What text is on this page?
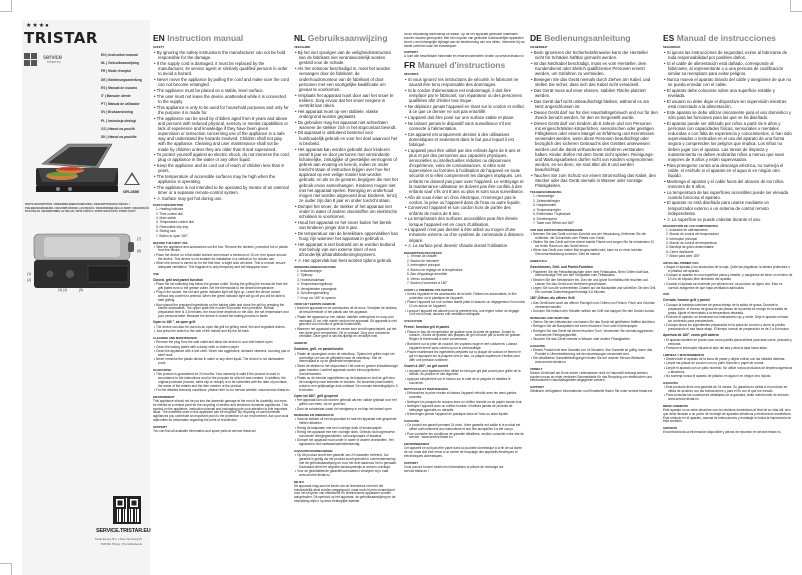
★★★●
TRISTAR
service
tristar.eu
EN | Instruction manual
NL | Gebruiksaanwijzing
FR | Mode d'emploi
DE | Bedienungsanleitung
ES | Manual de usuario
IT | Manuale utente
PT | Manual de utilizador
SV | Bruksanvisning
PL | Instrukcja obsługi
CS | Návod na použití
SK | Návod na použitie
GR-2850
PARTS DESCRIPTION / ONDERDELENBESCHRIJVING / DESCRIPTION DES PIÈCES / TEILEBESCHREIBUNG / DESCRIPCIÓN DE LAS PIEZAS / DESCRIZIONE DELLE PARTI / DESCRIÇÃO DAS PEÇAS / BESKRIVNING AV DELAR / OPIS CZĘŚCI / POPIS SOUČÁSTÍ / POPIS ČASTÍ
(7)
(6)
(1)
(2)
(3) (4)	(5)
SERVICE.TRISTAR.EU
Tristar Europe B.V. | Jules Verneweg 87
5015 BH Tilburg | The Netherlands
EN Instruction manual
SAFETY
• By ignoring the safety instructions the manufacturer can not be hold responsible for the damage.
• If the supply cord is damaged, it must be replaced by the manufacturer, its service agent or similarly qualified persons in order to avoid a hazard.
• Never move the appliance by pulling the cord and make sure the cord can not become entangled.
• The appliance must be placed on a stable, level surface.
• The user must not leave the device unattended while it is connected to the supply.
• This appliance is only to be used for household purposes and only for the purpose it is made for.
• The appliance can be used by children aged from 8 years and above and persons with reduced physical, sensory or mental capabilities or lack of experience and knowledge if they have been given supervision or instruction concerning use of the appliance in a safe way and understand the hazards involved. Children shall not play with the appliance. Cleaning and user maintenance shall not be made by children unless they are older than 8 and supervised.
• To protect yourself against an electric shock, do not immerse the cord, plug or appliance in the water or any other liquid.
• Keep the appliance and its cord out of reach of children less than 8 years.
• The temperature of accessible surfaces may be high when the appliance is operating.
• The appliance is not intended to be operated by means of an external timer or a separate remote-control system.
• ⚠ Surface may get hot during use.
PARTS DESCRIPTION
1. Heating indicator
2. Time control dial
3. Main switch
4. Temperature control dial
5. Removable drip tray
6. Sliding lock
7. Button to open 180°
BEFORE THE FIRST USE
• Take the appliance and accessories out the box. Remove the stickers, protective foil or plastic from the device.
• Place the device on a flat stable surface and ensure a minimum of 10 cm. free space around the device. This device is not suitable for installation in a cabinet or for outside use.
• When the device is turned on for the first time, a slight odor will arise. This is normal, ensure adequate ventilation. This fragrance is only temporary and will disappear soon.
USE
Closed, grill and panini function
• Place the fat collecting tray below the grease outlet. During the grilling the excess fat from the grill plates runs to the grease outlet. Set the thermostat to the desired temperature.
• Plug in the socket, the red and green indicator light will light up. Leave the device closed without any content to preheat. When the green indicator light will go off you will be able to start grilling.
• Now placed the prepared ingredients on the baking plate and close the grill by pressing the handle downwards. The upper plate tilts in order to provide even pressure. Normal preparation time is 3-8 minutes, the exact time depends on the dish, the set temperature and your personal taste. Because the device is closed the baking process is faster.
Open to 180 °, as open grill
• The device can also be used as an open flat grill for grilling meat, fish and vegetable dishes.
• Just press the switch to the side of the handle and flip the lid back.
CLEANING AND MAINTENANCE
• Remove the plug from the wall outlet and allow the device to cool with halves open.
• Clean the baking plates with a damp cloth or kitchen paper.
• Clean the appliance with a wet cloth. Never use aggressive, abrasive cleaners, scouring pad or steel wool.
• Never immerse the plastic device in water or any other liquid. The device is not dishwasher proof.
GUARANTEE
• This product is guaranteed for 24 months. Your warranty is valid if the product is used in accordance to the instructions and for the purpose for which it was created. In addition, the original purchase (invoice, sales slip or receipt) is to be submitted with the date of purchase, the name of the retailer and the item number of the product.
• For the detailed warranty conditions, please refer to our service website: www.service.tristar.eu
ENVIRONMENT

This appliance should not be put into the domestic garbage at the end of its durability, but must be offered at a central point for the recycling of electric and electronic domestic appliances. This symbol on the appliance, instruction manual and packaging puts your attention to this important issue. The materials used in this appliance can be recycled. By recycling of used domestic appliances you contribute an important push to the protection of our environment. Ask your local authorities for information regarding the point of recollection.

SUPPORT

You can find all available information and spare parts at service.tristar.eu!

NL Gebruiksaanwijzing
VEILIGHEID
• Bij het niet opvolgen van de veiligheidsinstructies kan de fabrikant niet verantwoordelijk worden gesteld voor de schade.
• Als het netsnoer beschadigd is, moet het worden vervangen door de fabrikant, de onderhoudsmonteur van de fabrikant of door personen met een soortgelijke kwalificatie om gevaar te voorkomen.
• Verplaats het apparaat nooit door aan het snoer te trekken. Zorg ervoor dat het snoer nergens in verstrikt kan raken.
• Het apparaat moet op een stabiele, vlakke ondergrond worden geplaatst.
• De gebruiker mag het apparaat niet achterlaten wanneer de stekker zich in het stopcontact bevindt.
• Dit apparaat is uitsluitend bestemd voor huishoudelijk gebruik en voor het doel waarvoor het is bedoeld.
• Het apparaat kan worden gebruikt door kinderen vanaf 8 jaar en door personen met verminderde lichamelijke, zintuiglijke of geestelijke vermogens of gebrek aan ervaring en kennis, indien ze onder toezicht staan of instructies krijgen over hoe het apparaat op een veilige manier kan worden gebruikt, en als ze de gevaren begrijpen die met het gebruik ervan samenhangen. Kinderen mogen niet met het apparaat spelen. Reiniging en onderhoud mogen niet worden uitgevoerd door kinderen, tenzij ze ouder zijn dan 8 jaar en onder toezicht staan.
• Dompel het snoer, de stekker of het apparaat niet onder in water of andere vloeistoffen om elektrische schokken te voorkomen.
• Houd het apparaat en het snoer buiten het bereik van kinderen jonger dan 8 jaar.
• De temperatuur van de bereikbare oppervlakken kan hoog zijn wanneer het apparaat in gebruik is.
• Het apparaat is niet bedoeld om te worden bediend met behulp van een externe timer of een afzonderlijk afstandsbedieningssysteem.
• ⚠ Het oppervlak kan heet worden tijdens gebruik.
ONDERDELENBESCHRIJVING
1. Indicatielampje
2. Tijdknop
3. Hoofdschakelaar
4. Temperatuurregelknop
5. Verwijderbare opvangbak
6. Schuifvergrendeling
7. Knop om 180° te openen
VOOR HET EERSTE GEBRUIK
• Haal het apparaat en de accessoires uit de doos. Verwijder de stickers, de beschermfolie of het plastic van het apparaat.
• Plaats het apparaat op een vlakke, stabiele ondergrond en zorg voor minimaal 10 cm vrije ruimte rondom het apparaat. Dit apparaat is niet geschikt voor inbouw of gebruik buitenshuis.
• Wanneer het apparaat voor de eerste keer wordt ingeschakeld, zal het een lichte geur verspreiden. Dit is normaal. Zorg voor voldoende ventilatie. Deze geur is slechts tijdelijk en verdwijnt snel.
GEBRUIK
Gesloten, grill- en paninifunctie
• Plaats de opvangbak onder de vetuitloop. Tijdens het grillen loopt het overtollige vet van de grillplaten naar de vetuitloop. Stel de thermostaat in op de gewenste temperatuur.
• Steek de stekker in het stopcontact. Het rode en groene indicatielampje gaan branden. Laat het apparaat zonder inhoud gesloten voorverwarmen.
• Plaats nu de bereide ingrediënten op de bakplaat en sluit de grill door de handgreep naar beneden te drukken. De bovenste plaat kantelt, zodat er een gelijkmatige druk ontstaat. De normale bereidingstijd is 3-8 minuten.
Open tot 180°, grill geopend
• Het apparaat kan ook worden gebruikt als een vlakke grilplaat voor het grillen van vlees, vis en groenten.
• Druk de schakelaar naast de handgreep in en klap het deksel open.
REINIGING EN ONDERHOUD
• Haal de stekker uit het stopcontact en laat het apparaat met geopende helften afkoelen.
• Reinig de bakplaten met een vochtige doek of keukenpapier.
• Reinig het apparaat met een vochtige doek. Gebruik nooit agressieve, schurende reinigingsmiddelen, schuursponsjes of staalwol.
• Dompel het apparaat nooit onder in water of andere vloeistoffen. Het apparaat is niet vaatwasmachinebestendig.
GARANTIEVOORWAARDEN
• Op dit product wordt een garantie van 24 maanden verleend. Uw garantie is geldig als het product wordt gebruikt in overeenstemming met de gebruiksaanwijzing en voor het doel waarvoor het is gemaakt. Daarnaast dient het originele aankoopbewijs te worden overlegd.
• Voor de gedetailleerde garantievoorwaarden verwijzen wij u naar www.service.tristar.eu
MILIEU

Dit apparaat mag aan het einde van de levensduur niet met het huishoudelijk afval worden weggegooid, maar moet bij een inzamelpunt voor het recyclen van elektrische en elektronische apparaten worden aangeboden. Dit symbool op het apparaat, de gebruiksaanwijzing en de verpakking wijst u op deze belangrijke kwestie.

na de verpakking afzonderlijk uit elkaar. Op de het apparaat gebruikte materialen kunnen worden gerecycled. Met het recyclen van gebruikte huishoudelijke apparaten levert u een belangrijke bijdrage aan de bescherming van ons milieu. Informeer bij uw lokale overheid naar het inzamelpunt.

SUPPORT

U kunt alle beschikbare informatie en reserveonderdelen vinden op service.tristar.eu!

FR Manuel d'instructions
SÉCURITÉ
• Si vous ignorez les instructions de sécurité, le fabricant ne saurait être tenu responsable des dommages.
• Si le cordon d'alimentation est endommagé, il doit être remplacé par le fabricant, son réparateur ou des personnes qualifiées afin d'éviter tout risque.
• Ne déplacez jamais l'appareil en tirant sur le cordon et veillez à ce que ce dernier ne soit pas entortillé.
• L'appareil doit être posé sur une surface stable et plane.
• Ne laissez jamais le dispositif sans surveillance s'il est connecté à l'alimentation.
• Cet appareil est uniquement destiné à des utilisations domestiques et seulement dans le but pour lequel il est fabriqué.
• L'appareil peut être utilisé par des enfants âgés de 8 ans et plus et par des personnes aux capacités physiques, sensorielles ou intellectuelles réduites ou dépourvues d'expérience, voire de connaissances, si elles sont supervisées ou formées à l'utilisation de l'appareil en toute sécurité et si elles comprennent les dangers impliqués. Les enfants ne doivent pas jouer avec l'appareil. Le nettoyage et la maintenance utilisateur ne doivent pas être confiés à des enfants sauf s'ils ont 8 ans ou plus et sont sous surveillance.
• Afin de vous éviter un choc électrique, n'immergez pas le cordon, la prise ou l'appareil dans de l'eau ou autre liquide.
• Conservez l'appareil et son cordon hors de portée des enfants de moins de 8 ans.
• La température des surfaces accessibles peut être élevée lorsque l'appareil est en cours d'utilisation.
• L'appareil n'est pas destiné à être utilisé au moyen d'une minuterie externe ou d'un système de commande à distance séparé.
• ⚠ La surface peut devenir chaude durant l'utilisation.
DESCRIPTION DES PIÈCES
1. Témoin de chauffe
2. Bouton de minuterie
3. Interrupteur principal
4. Bouton de réglage de la température
5. Bac d'égouttage amovible
6. Verrou coulissant
7. Bouton d'ouverture à 180°
AVANT LA PREMIÈRE UTILISATION
• Sortez l'appareil et les accessoires de la boîte. Retirez les autocollants, le film protecteur ou le plastique de l'appareil.
• Placez l'appareil sur une surface stable plate et assurez un dégagement d'un moins 10 cm autour de l'appareil.
• Lorsque l'appareil est allumé pour la première fois, une légère odeur se dégage. Ceci est normal, assurez une ventilation adéquate.
UTILISATION
Fermé, fonction gril et panini
• Placez le bac de récupération de graisse sous la sortie de graisse. Durant la cuisson, l'excès de graisse des plaques de gril s'écoule par la sortie de graisse. Réglez le thermostat à votre convenance.
• Branchez sur la prise de courant, les voyants rouge et vert s'allument. Laissez l'appareil fermé sans contenu pour le préchauffage.
• Placez maintenant les ingrédients préparés sur la plaque de cuisson et fermez le gril en appuyant sur la poignée vers le bas. La plaque supérieure s'incline pour offrir une pression uniforme.
Ouvert à 180°, un gril ouvert
• L'appareil peut également être utilisé en tant que gril plat ouvert pour griller de la viande, du poisson et des légumes.
• Appuyez simplement sur le bouton sur le côté de la poignée et rabattez le couvercle.
NETTOYAGE ET MAINTENANCE
• Débranchez la prise murale et laissez l'appareil refroidir avec les demi-parties ouvertes.
• Nettoyez les plaques de cuisson avec un chiffon humide ou du papier essuie-tout.
• Nettoyez l'appareil avec un chiffon humide. N'utilisez jamais de produits de nettoyage agressifs ou abrasifs.
• N'immergez jamais l'appareil en plastique dans de l'eau ou autre liquide.
GARANTIE
• Ce produit est garanti pendant 24 mois. Votre garantie est valide si le produit est utilisé conformément aux instructions et aux fins auxquelles il a été conçu.
• Pour connaître les conditions de garantie détaillées, veuillez consulter notre site de service : www.service.tristar.eu
ENVIRONNEMENT

Cet appareil ne doit pas être placé dans la poubelle domestique à la fin de sa durée de vie, mais doit être remis à un centre de recyclage des appareils électriques et électroniques domestiques.

SUPPORT

Vous pouvez trouver toutes les informations et pièces de rechange sur service.tristar.eu !

DE Bedienungsanleitung
SICHERHEIT
• Beim Ignorieren der Sicherheitshinweise kann der Hersteller nicht für Schäden haftbar gemacht werden.
• Ist das Netzkabel beschädigt, muss es vom Hersteller, dem Kundendienst oder ähnlich qualifizierten Personen ersetzt werden, um Gefahren zu vermeiden.
• Bewegen Sie das Gerät niemals durch Ziehen am Kabel, und stellen Sie sicher, dass sich das Kabel nicht verwickelt.
• Das Gerät muss auf einer ebenen, stabilen Fläche platziert werden.
• Das Gerät darf nicht unbeaufsichtigt bleiben, während es am Netz angeschlossen ist.
• Dieses Gerät darf nur für den Haushaltsgebrauch und nur für den Zweck benutzt werden, für den es hergestellt wurde.
• Dieses Gerät darf von Kindern ab 8 Jahren und von Personen mit eingeschränkten körperlichen, sensorischen oder geistigen Fähigkeiten oder einem Mangel an Erfahrung und Kenntnissen verwendet werden, wenn diese Personen beaufsichtigt oder bezüglich des sicheren Gebrauchs des Gerätes unterwiesen werden und die damit verbundenen Gefahren verstanden haben. Kinder dürfen mit dem Gerät nicht spielen. Reinigungs- und Wartungsarbeiten dürfen nicht von Kindern vorgenommen werden, es sei denn, sie sind älter als 8 und werden beaufsichtigt.
• Tauchen Sie zum Schutz vor einem Stromschlag das Kabel, den Stecker oder das Gerät niemals in Wasser oder sonstige Flüssigkeiten.
TEILEBESCHREIBUNG
1. Heizanzeige
2. Zeiteinstellregler
3. Hauptschalter
4. Temperaturregler
5. Entfernbare Tropfschale
6. Schiebesperre
7. Taste zum Öffnen auf 180°
VOR DER ERSTEN INBETRIEBNAHME
• Nehmen Sie das Gerät und das Zubehör aus der Verpackung. Entfernen Sie die Aufkleber, die Schutzfolie oder Plastik vom Gerät.
• Stellen Sie das Gerät auf eine ebene stabile Fläche und sorgen Sie für mindestens 10 cm freien Raum um das Gerät herum.
• Wenn das Gerät zum ersten Mal eingeschaltet wird, kann es zu einer leichten Geruchsentwicklung kommen. Dies ist normal.
GEBRAUCH
Geschlossen, Grill- und Panini-Funktion
• Platzieren Sie die Fettauffangschale unter dem Fettauslass. Beim Grillen läuft das überschüssige Fett von den Grillplatten zum Fettauslass.
• Stecken Sie den Netzstecker ein. Die rote und grüne Kontrollleuchte leuchten auf. Lassen Sie das Gerät zum Vorheizen geschlossen.
• Legen Sie nun die vorbereiteten Zutaten auf die Backplatte und schließen Sie den Grill. Die normale Zubereitungszeit beträgt 3-8 Minuten.
180°-Öffnen, als offener Grill
• Das Gerät kann auch als offener Flachgrill zum Grillen von Fleisch, Fisch und Gemüse verwendet werden.
• Drücken Sie einfach den Schalter seitlich am Griff und klappen Sie den Deckel zurück.
REINIGUNG UND WARTUNG
• Ziehen Sie den Netzstecker und lassen Sie das Gerät mit geöffneten Hälften abkühlen.
• Reinigen Sie die Backplatten mit einem feuchten Tuch oder Küchenpapier.
• Reinigen Sie das Gerät mit einem feuchten Tuch. Verwenden Sie niemals aggressive, scheuernde Reinigungsmittel.
• Tauchen Sie das Gerät niemals in Wasser oder andere Flüssigkeiten.
GARANTIE
• Dieses Produkt hat eine Garantie von 24 Monaten. Ihre Garantie ist gültig, wenn das Produkt in Übereinstimmung mit den Anweisungen verwendet wird.
• Die detaillierten Garantiebedingungen finden Sie auf unserer Service-Webseite: www.service.tristar.eu
UMWELT

Dieses Gerät darf am Ende seiner Lebensdauer nicht im Hausmüll entsorgt werden, sondern muss an einer zentralen Sammelstelle für das Recycling von elektrischen und elektronischen Haushaltsgeräten abgegeben werden.

SUPPORT

Sämtliche verfügbaren Informationen und Ersatzteile finden Sie unter service.tristar.eu!

ES Manual de instrucciones
SEGURIDAD
• Si ignora las instrucciones de seguridad, exime al fabricante de toda responsabilidad por posibles daños.
• Si el cable de alimentación está dañado, corresponde al fabricante, al representante o a una persona de cualificación similar su reemplazo para evitar peligros.
• Nunca mueva el aparato tirando del cable y asegúrese de que no se pueda enredar con el cable.
• El aparato debe colocarse sobre una superficie estable y nivelada.
• El usuario no debe dejar el dispositivo sin supervisión mientras está conectado a la alimentación.
• Este aparato se debe utilizar únicamente para el uso doméstico y sólo para las funciones para las que se ha diseñado.
• El aparato puede ser utilizado por niños a partir de 8 años y personas con capacidades físicas, sensoriales o mentales reducidas o con falta de experiencia y conocimientos, si han sido supervisados o instruidos en el uso del aparato de una forma segura y comprenden los peligros que implica. Los niños no deben jugar con el aparato. Las tareas de limpieza y mantenimiento no deben realizarlas niños a menos que sean mayores de 8 años y estén supervisados.
• Para protegerse contra una descarga eléctrica, no sumerja el cable, el enchufe ni el aparato en el agua ni en ningún otro líquido.
• Mantenga el aparato y el cable fuera del alcance de los niños menores de 8 años.
• La temperatura de las superficies accesibles puede ser elevada cuando funciona el aparato.
• El aparato no está diseñado para usarse mediante un temporizador externo o un sistema de control remoto independiente.
• ⚠ La superficie se puede calentar durante el uso.
DESCRIPCIÓN DE LOS COMPONENTES
1. Indicador de calentamiento
2. Mando de control del temporizador
3. Interruptor principal
4. Mando de control de temperatura
5. Bandeja de goteo desmontable
6. Cierre deslizante
7. Botón para abrir 180°
ANTES DEL PRIMER USO
• Saque el aparato y los accesorios de la caja. Quite las pegatinas, la lámina protectora o el plástico del aparato.
• Coloque el aparato en una superficie plana y estable, y asegúrese de tener un mínimo de 10 cm de espacio libre alrededor del aparato.
• Cuando el aparato se enciende por primera vez, se produce un ligero olor. Esto es normal; asegúrese de que haya ventilación adecuada.
USO
Cerrado, función grill y panini
• Coloque la bandeja colectora de grasa debajo de la salida de grasa. Durante la preparación, el exceso de grasa de las placas de la parrilla se recoge en la salida de grasa. Ajuste el termostato a la temperatura deseada.
• Enchufe el aparato; se iluminarán los indicadores rojo y verde. Deje el aparato cerrado sin contenido para precalentarlo.
• Coloque ahora los ingredientes preparados en la placa de cocción y cierre la parrilla presionando el asa hacia abajo. El tiempo normal de preparación es de 3 a 8 minutos.
Apertura de 180°, como grill abierto
• El aparato también se puede usar como parrilla plana abierta para asar carne, pescado y verduras.
• Presione el interruptor situado al lado del asa y abra la tapa hacia atrás.
LIMPIEZA Y MANTENIMIENTO
• Desenchufe el aparato de la toma de pared y déjelo enfriar con las mitades abiertas.
• Limpie las placas de cocción con un paño húmedo o papel de cocina.
• Limpie el aparato con un paño húmedo. No utilice nunca productos de limpieza agresivos o abrasivos.
• No sumerja nunca el aparato de plástico en agua ni en ningún otro líquido.
GARANTÍA
• Este producto tiene una garantía de 24 meses. Su garantía es válida si el producto se utiliza de acuerdo con las instrucciones y para el fin con el que fue creado.
• Para consultar las condiciones detalladas de la garantía, visite nuestra web de servicio: www.service.tristar.eu
MEDIO AMBIENTE

Este aparato no se debe desechar con los residuos domésticos al final de su vida útil, sino que debe llevarse a un punto de reciclaje de aparatos eléctricos y electrónicos domésticos. Este símbolo en el aparato, manual de instrucciones y embalaje le indica la importancia de esta cuestión.

SOPORTE

Encontrará toda la información disponible y piezas de repuesto en service.tristar.eu.
